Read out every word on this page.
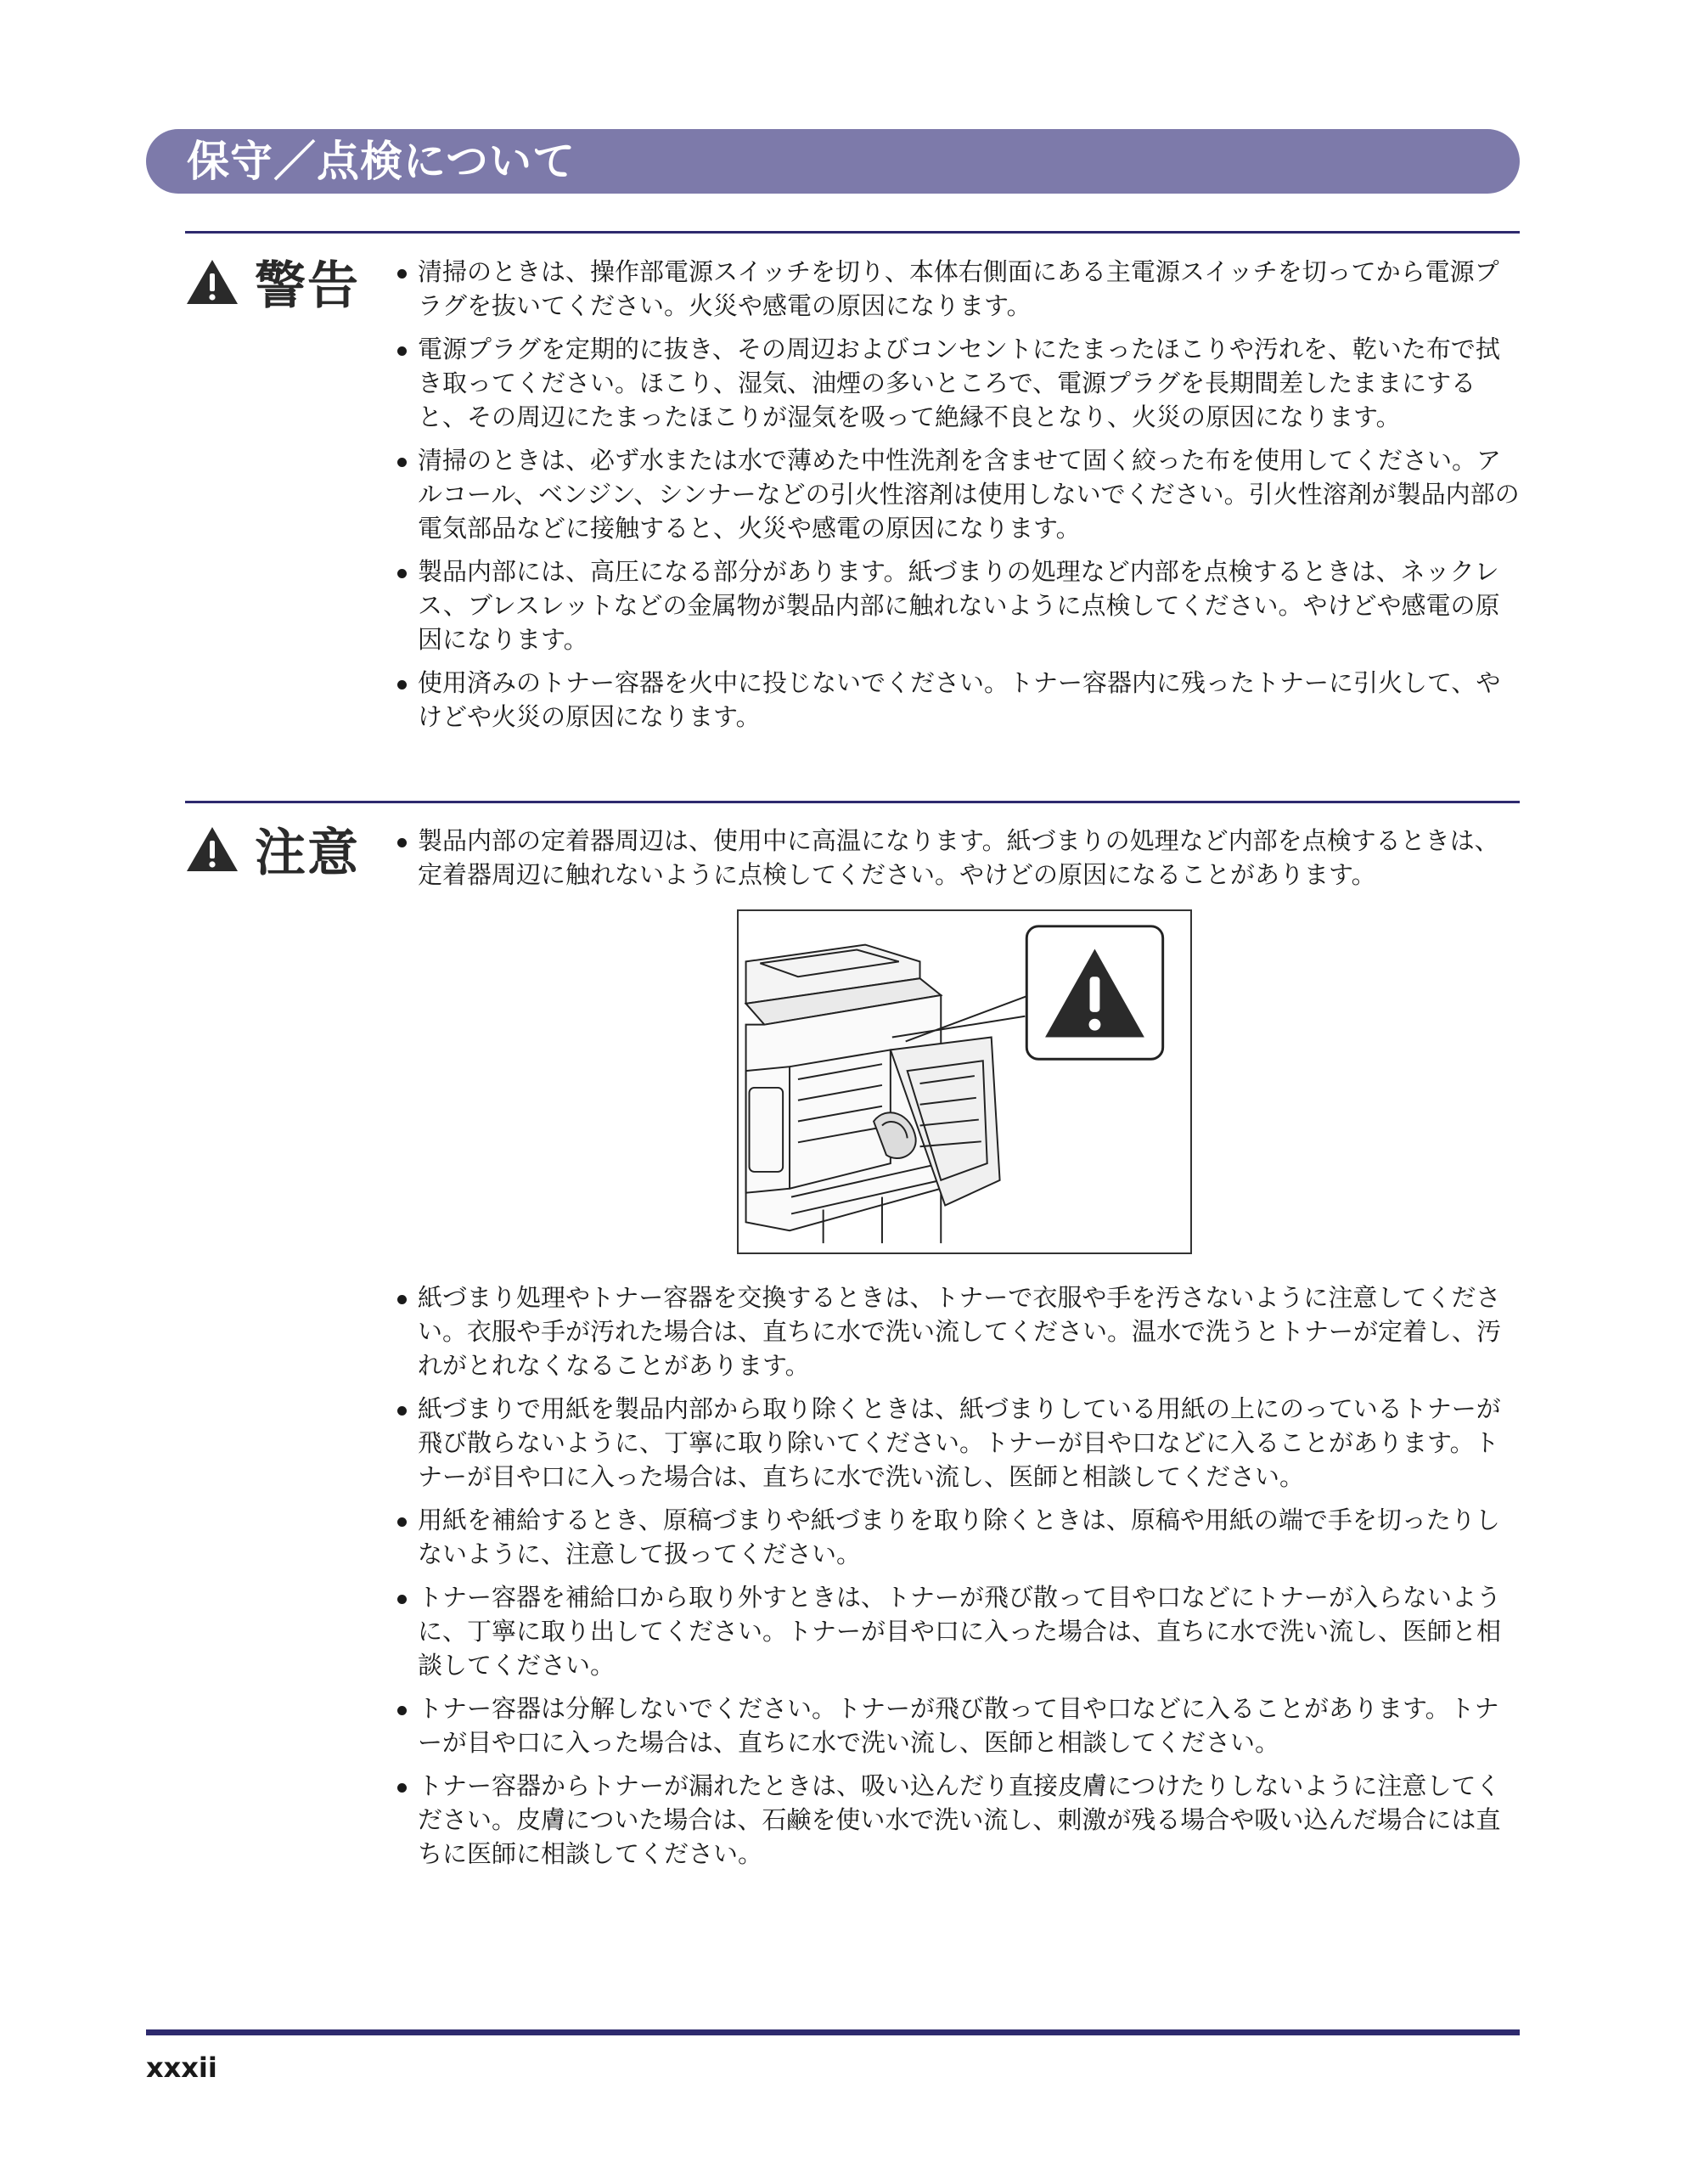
保守／点検について
警告	清掃のときは、操作部電源スイッチを切り、本体右側面にある主電源スイッチを切ってから電源プラグを抜いてください。火災や感電の原因になります。
電源プラグを定期的に抜き、その周辺およびコンセントにたまったほこりや汚れを、乾いた布で拭き取ってください。ほこり、湿気、油煙の多いところで、電源プラグを長期間差したままにすると、その周辺にたまったほこりが湿気を吸って絶縁不良となり、火災の原因になります。
清掃のときは、必ず水または水で薄めた中性洗剤を含ませて固く絞った布を使用してください。アルコール、ベンジン、シンナーなどの引火性溶剤は使用しないでください。引火性溶剤が製品内部の電気部品などに接触すると、火災や感電の原因になります。
製品内部には、高圧になる部分があります。紙づまりの処理など内部を点検するときは、ネックレス、ブレスレットなどの金属物が製品内部に触れないように点検してください。やけどや感電の原因になります。
使用済みのトナー容器を火中に投じないでください。トナー容器内に残ったトナーに引火して、やけどや火災の原因になります。
注意	製品内部の定着器周辺は、使用中に高温になります。紙づまりの処理など内部を点検するときは、定着器周辺に触れないように点検してください。やけどの原因になることがあります。
紙づまり処理やトナー容器を交換するときは、トナーで衣服や手を汚さないように注意してください。衣服や手が汚れた場合は、直ちに水で洗い流してください。温水で洗うとトナーが定着し、汚れがとれなくなることがあります。
紙づまりで用紙を製品内部から取り除くときは、紙づまりしている用紙の上にのっているトナーが飛び散らないように、丁寧に取り除いてください。トナーが目や口などに入ることがあります。トナーが目や口に入った場合は、直ちに水で洗い流し、医師と相談してください。
用紙を補給するとき、原稿づまりや紙づまりを取り除くときは、原稿や用紙の端で手を切ったりしないように、注意して扱ってください。
トナー容器を補給口から取り外すときは、トナーが飛び散って目や口などにトナーが入らないように、丁寧に取り出してください。トナーが目や口に入った場合は、直ちに水で洗い流し、医師と相談してください。
トナー容器は分解しないでください。トナーが飛び散って目や口などに入ることがあります。トナーが目や口に入った場合は、直ちに水で洗い流し、医師と相談してください。
トナー容器からトナーが漏れたときは、吸い込んだり直接皮膚につけたりしないように注意してください。皮膚についた場合は、石鹸を使い水で洗い流し、刺激が残る場合や吸い込んだ場合には直ちに医師に相談してください。
xxxii
